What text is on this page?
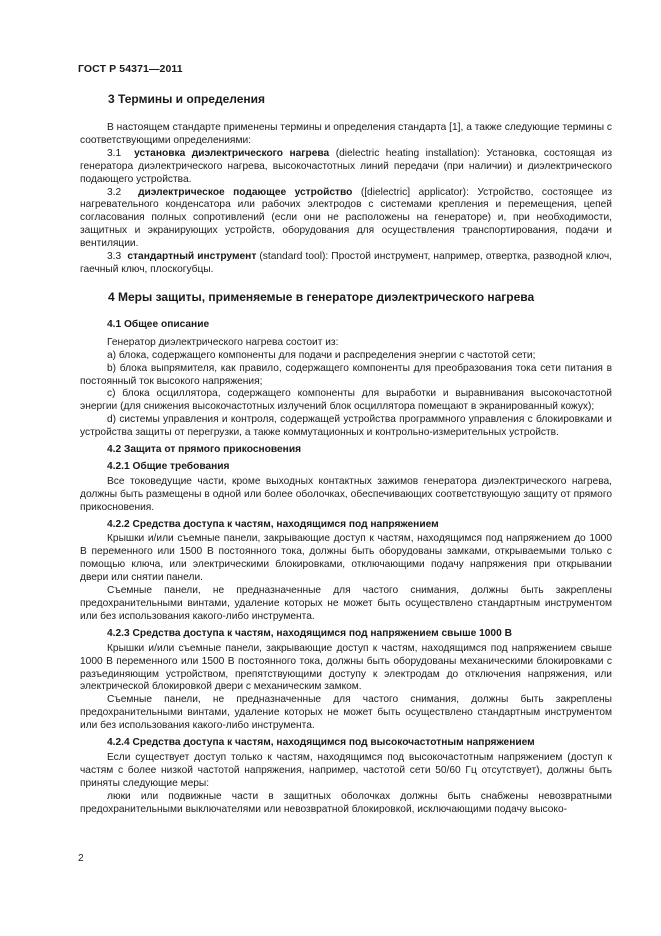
ГОСТ Р 54371—2011
3 Термины и определения

В настоящем стандарте применены термины и определения стандарта [1], а также следующие термины с соответствующими определениями:

3.1 установка диэлектрического нагрева (dielectric heating installation): Установка, состоящая из генератора диэлектрического нагрева, высокочастотных линий передачи (при наличии) и диэлектрического подающего устройства.

3.2 диэлектрическое подающее устройство ([dielectric] applicator): Устройство, состоящее из нагревательного конденсатора или рабочих электродов с системами крепления и перемещения, цепей согласования полных сопротивлений (если они не расположены на генераторе) и, при необходимости, защитных и экранирующих устройств, оборудования для осуществления транспортирования, подачи и вентиляции.

3.3 стандартный инструмент (standard tool): Простой инструмент, например, отвертка, разводной ключ, гаечный ключ, плоскогубцы.

4 Меры защиты, применяемые в генераторе диэлектрического нагрева
4.1 Общее описание

Генератор диэлектрического нагрева состоит из:

а) блока, содержащего компоненты для подачи и распределения энергии с частотой сети;

b) блока выпрямителя, как правило, содержащего компоненты для преобразования тока сети питания в постоянный ток высокого напряжения;

c) блока осциллятора, содержащего компоненты для выработки и выравнивания высокочастотной энергии (для снижения высокочастотных излучений блок осциллятора помещают в экранированный кожух);

d) системы управления и контроля, содержащей устройства программного управления с блокировками и устройства защиты от перегрузки, а также коммутационных и контрольно-измерительных устройств.

4.2 Защита от прямого прикосновения
4.2.1 Общие требования

Все токоведущие части, кроме выходных контактных зажимов генератора диэлектрического нагрева, должны быть размещены в одной или более оболочках, обеспечивающих соответствующую защиту от прямого прикосновения.

4.2.2 Средства доступа к частям, находящимся под напряжением

Крышки и/или съемные панели, закрывающие доступ к частям, находящимся под напряжением до 1000 В переменного или 1500 В постоянного тока, должны быть оборудованы замками, открываемыми только с помощью ключа, или электрическими блокировками, отключающими подачу напряжения при открывании двери или снятии панели.

Съемные панели, не предназначенные для частого снимания, должны быть закреплены предохранительными винтами, удаление которых не может быть осуществлено стандартным инструментом или без использования какого-либо инструмента.

4.2.3 Средства доступа к частям, находящимся под напряжением свыше 1000 В

Крышки и/или съемные панели, закрывающие доступ к частям, находящимся под напряжением свыше 1000 В переменного или 1500 В постоянного тока, должны быть оборудованы механическими блокировками с разъединяющим устройством, препятствующими доступу к электродам до отключения напряжения, или электрической блокировкой двери с механическим замком.

Съемные панели, не предназначенные для частого снимания, должны быть закреплены предохранительными винтами, удаление которых не может быть осуществлено стандартным инструментом или без использования какого-либо инструмента.

4.2.4 Средства доступа к частям, находящимся под высокочастотным напряжением

Если существует доступ только к частям, находящимся под высокочастотным напряжением (доступ к частям с более низкой частотой напряжения, например, частотой сети 50/60 Гц отсутствует), должны быть приняты следующие меры:

люки или подвижные части в защитных оболочках должны быть снабжены невозвратными предохранительными выключателями или невозвратной блокировкой, исключающими подачу высоко-

2
